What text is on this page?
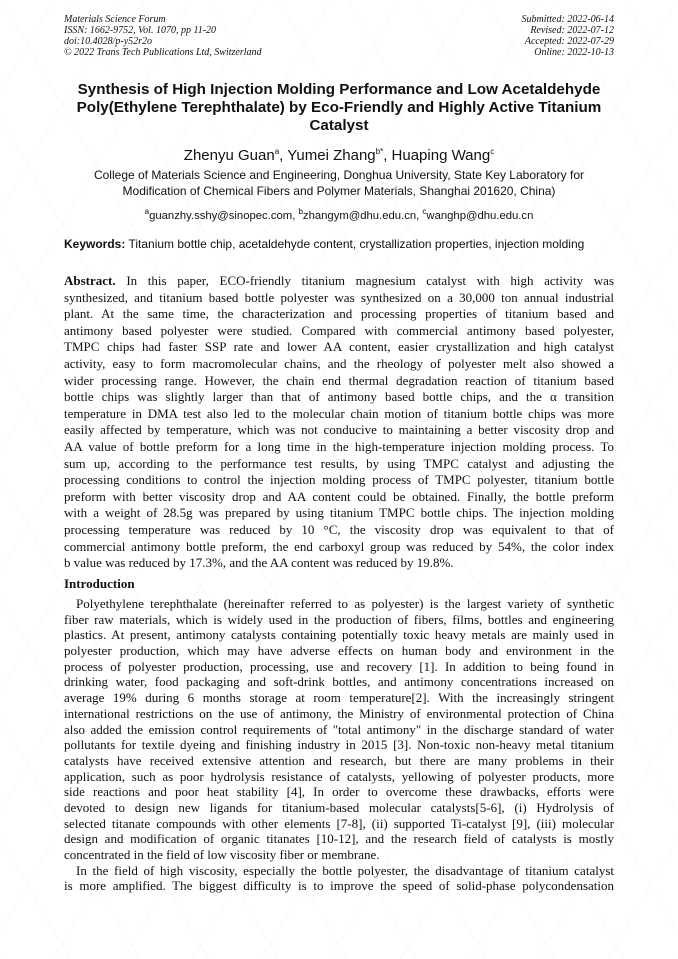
Materials Science Forum
ISSN: 1662-9752, Vol. 1070, pp 11-20
doi:10.4028/p-y52r2o
© 2022 Trans Tech Publications Ltd, Switzerland
Submitted: 2022-06-14
Revised: 2022-07-12
Accepted: 2022-07-29
Online: 2022-10-13
Synthesis of High Injection Molding Performance and Low Acetaldehyde
Poly(Ethylene Terephthalate) by Eco-Friendly and Highly Active Titanium
Catalyst
Zhenyu Guan$^a$, Yumei Zhang$^{b*}$, Huaping Wang$^c$
College of Materials Science and Engineering, Donghua University, State Key Laboratory for
Modification of Chemical Fibers and Polymer Materials, Shanghai 201620, China)
$^a$guanzhy.sshy@sinopec.com, $^b$zhangym@dhu.edu.cn, $^c$wanghp@dhu.edu.cn
Keywords: Titanium bottle chip, acetaldehyde content, crystallization properties, injection molding
Abstract. In this paper, ECO-friendly titanium magnesium catalyst with high activity was
synthesized, and titanium based bottle polyester was synthesized on a 30,000 ton annual industrial
plant. At the same time, the characterization and processing properties of titanium based and
antimony based polyester were studied. Compared with commercial antimony based polyester,
TMPC chips had faster SSP rate and lower AA content, easier crystallization and high catalyst
activity, easy to form macromolecular chains, and the rheology of polyester melt also showed a
wider processing range. However, the chain end thermal degradation reaction of titanium based
bottle chips was slightly larger than that of antimony based bottle chips, and the α transition
temperature in DMA test also led to the molecular chain motion of titanium bottle chips was more
easily affected by temperature, which was not conducive to maintaining a better viscosity drop and
AA value of bottle preform for a long time in the high-temperature injection molding process. To
sum up, according to the performance test results, by using TMPC catalyst and adjusting the
processing conditions to control the injection molding process of TMPC polyester, titanium bottle
preform with better viscosity drop and AA content could be obtained. Finally, the bottle preform
with a weight of 28.5g was prepared by using titanium TMPC bottle chips. The injection molding
processing temperature was reduced by 10 °C, the viscosity drop was equivalent to that of
commercial antimony bottle preform, the end carboxyl group was reduced by 54%, the color index
b value was reduced by 17.3%, and the AA content was reduced by 19.8%.
Introduction
Polyethylene terephthalate (hereinafter referred to as polyester) is the largest variety of synthetic
fiber raw materials, which is widely used in the production of fibers, films, bottles and engineering
plastics. At present, antimony catalysts containing potentially toxic heavy metals are mainly used in
polyester production, which may have adverse effects on human body and environment in the
process of polyester production, processing, use and recovery [1]. In addition to being found in
drinking water, food packaging and soft-drink bottles, and antimony concentrations increased on
average 19% during 6 months storage at room temperature[2]. With the increasingly stringent
international restrictions on the use of antimony, the Ministry of environmental protection of China
also added the emission control requirements of "total antimony" in the discharge standard of water
pollutants for textile dyeing and finishing industry in 2015 [3]. Non-toxic non-heavy metal titanium
catalysts have received extensive attention and research, but there are many problems in their
application, such as poor hydrolysis resistance of catalysts, yellowing of polyester products, more
side reactions and poor heat stability [4], In order to overcome these drawbacks, efforts were
devoted to design new ligands for titanium-based molecular catalysts[5-6], (i) Hydrolysis of
selected titanate compounds with other elements [7-8], (ii) supported Ti-catalyst [9], (iii) molecular
design and modification of organic titanates [10-12], and the research field of catalysts is mostly
concentrated in the field of low viscosity fiber or membrane.
In the field of high viscosity, especially the bottle polyester, the disadvantage of titanium catalyst
is more amplified. The biggest difficulty is to improve the speed of solid-phase polycondensation
